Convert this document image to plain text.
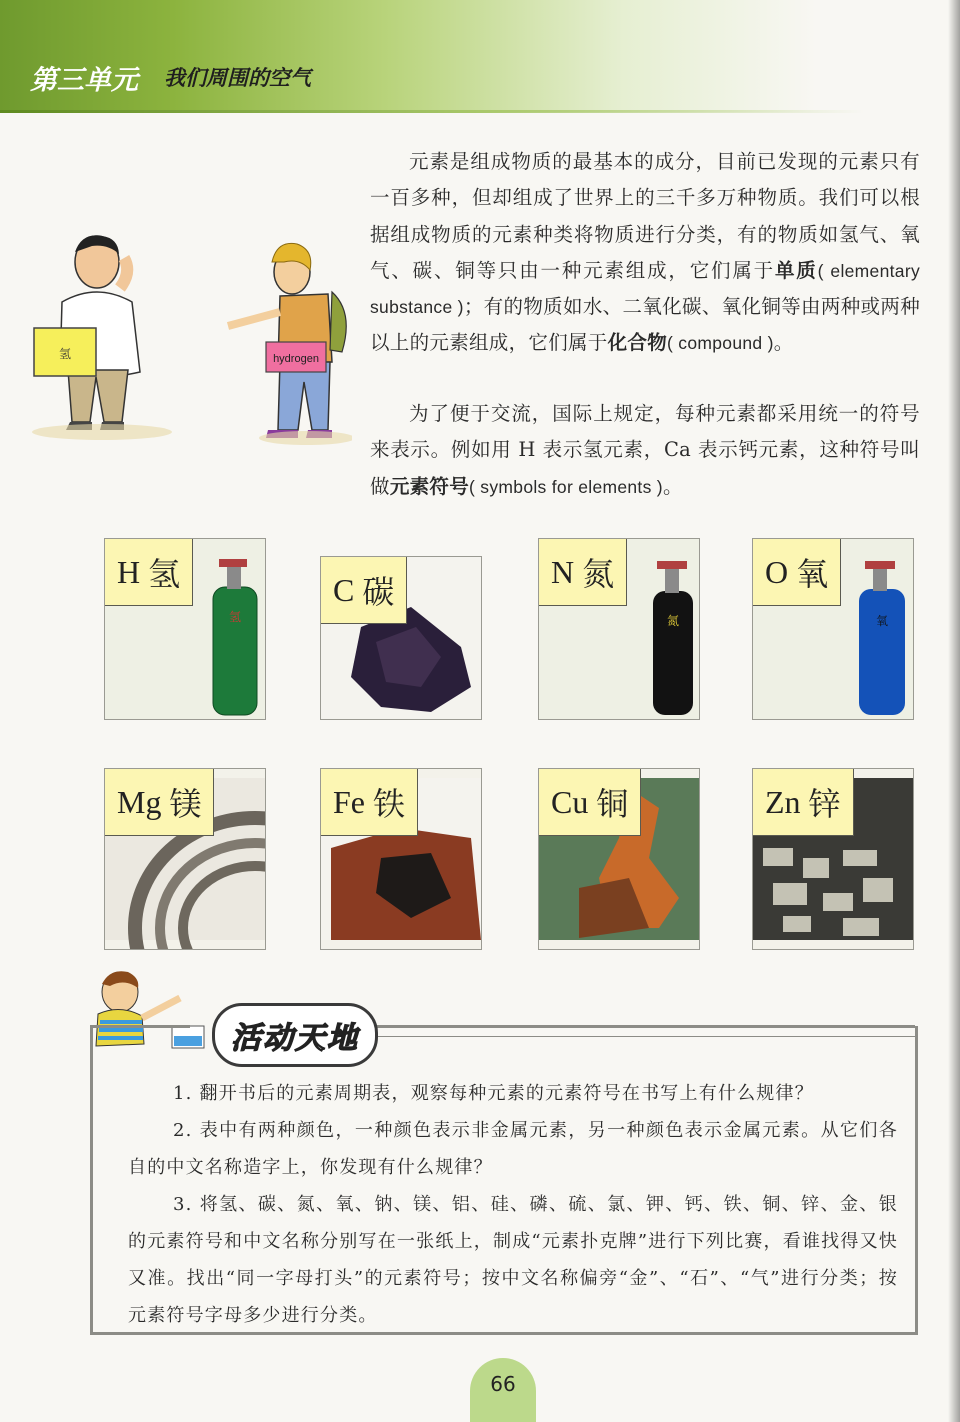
第三单元 我们周围的空气
氢	hydrogen
元素是组成物质的最基本的成分，目前已发现的元素只有一百多种，但却组成了世界上的三千多万种物质。我们可以根据组成物质的元素种类将物质进行分类，有的物质如氢气、氧气、碳、铜等只由一种元素组成，它们属于单质( elementary substance )；有的物质如水、二氧化碳、氧化铜等由两种或两种以上的元素组成，它们属于化合物( compound )。
为了便于交流，国际上规定，每种元素都采用统一的符号来表示。例如用 H 表示氢元素，Ca 表示钙元素，这种符号叫做元素符号( symbols for elements )。
氢
H 氢	C 碳
氮
N 氮
氧
O 氧
Mg 镁	Fe 铁	Cu 铜	Zn 锌
活动天地
1. 翻开书后的元素周期表，观察每种元素的元素符号在书写上有什么规律？
2. 表中有两种颜色，一种颜色表示非金属元素，另一种颜色表示金属元素。从它们各自的中文名称造字上，你发现有什么规律？
3. 将氢、碳、氮、氧、钠、镁、铝、硅、磷、硫、氯、钾、钙、铁、铜、锌、金、银的元素符号和中文名称分别写在一张纸上，制成“元素扑克牌”进行下列比赛，看谁找得又快又准。找出“同一字母打头”的元素符号；按中文名称偏旁“金”、“石”、“气”进行分类；按元素符号字母多少进行分类。
66
